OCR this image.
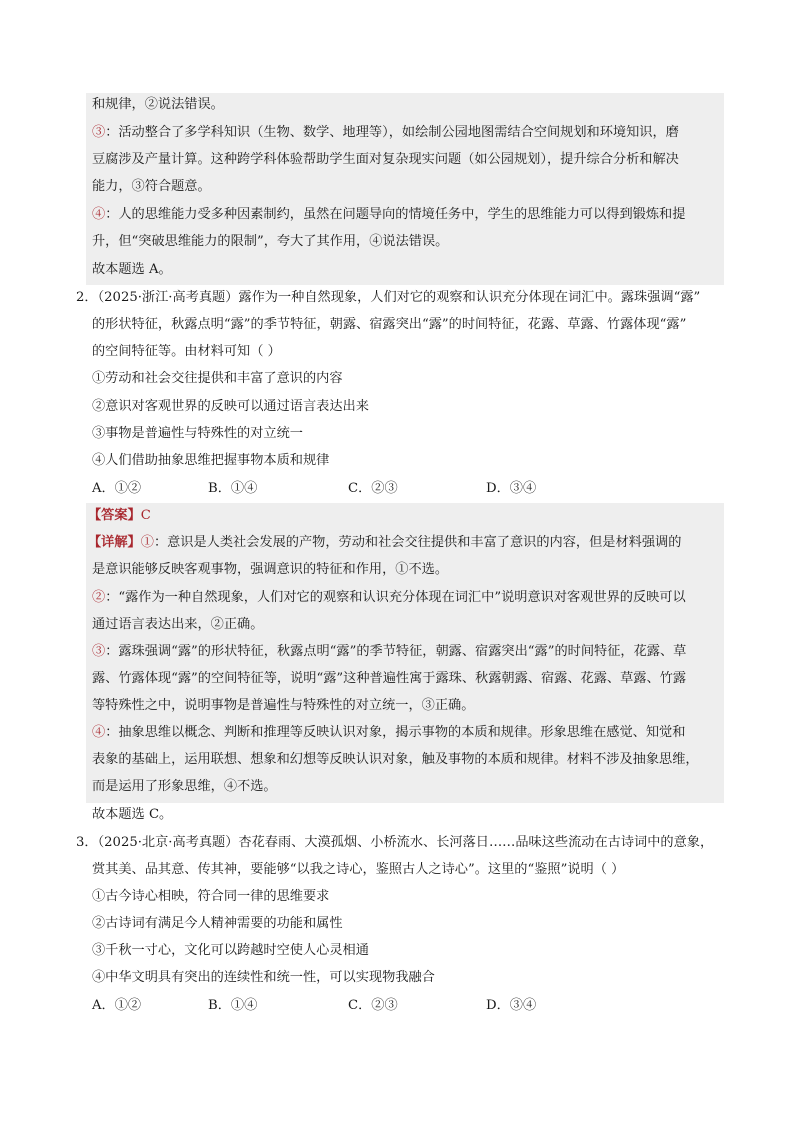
和规律，②说法错误。
③：活动整合了多学科知识（生物、数学、地理等），如绘制公园地图需结合空间规划和环境知识，磨
豆腐涉及产量计算。这种跨学科体验帮助学生面对复杂现实问题（如公园规划），提升综合分析和解决
能力，③符合题意。
④：人的思维能力受多种因素制约，虽然在问题导向的情境任务中，学生的思维能力可以得到锻炼和提
升，但“突破思维能力的限制”，夸大了其作用，④说法错误。
故本题选 A。
2．（2025·浙江·高考真题）露作为一种自然现象，人们对它的观察和认识充分体现在词汇中。露珠强调“露”
的形状特征，秋露点明“露”的季节特征，朝露、宿露突出“露”的时间特征，花露、草露、竹露体现“露”
的空间特征等。由材料可知（ ）
①劳动和社会交往提供和丰富了意识的内容
②意识对客观世界的反映可以通过语言表达出来
③事物是普遍性与特殊性的对立统一
④人们借助抽象思维把握事物本质和规律
A．①②	B．①④	C．②③	D．③④
【答案】C
【详解】①：意识是人类社会发展的产物，劳动和社会交往提供和丰富了意识的内容，但是材料强调的
是意识能够反映客观事物，强调意识的特征和作用，①不选。
②：“露作为一种自然现象，人们对它的观察和认识充分体现在词汇中”说明意识对客观世界的反映可以
通过语言表达出来，②正确。
③：露珠强调“露”的形状特征，秋露点明“露”的季节特征，朝露、宿露突出“露”的时间特征，花露、草
露、竹露体现“露”的空间特征等，说明“露”这种普遍性寓于露珠、秋露朝露、宿露、花露、草露、竹露
等特殊性之中，说明事物是普遍性与特殊性的对立统一，③正确。
④：抽象思维以概念、判断和推理等反映认识对象，揭示事物的本质和规律。形象思维在感觉、知觉和
表象的基础上，运用联想、想象和幻想等反映认识对象，触及事物的本质和规律。材料不涉及抽象思维，
而是运用了形象思维，④不选。
故本题选 C。
3．（2025·北京·高考真题）杏花春雨、大漠孤烟、小桥流水、长河落日……品味这些流动在古诗词中的意象，
赏其美、品其意、传其神，要能够“以我之诗心，鉴照古人之诗心”。这里的“鉴照”说明（ ）
①古今诗心相映，符合同一律的思维要求
②古诗词有满足今人精神需要的功能和属性
③千秋一寸心，文化可以跨越时空使人心灵相通
④中华文明具有突出的连续性和统一性，可以实现物我融合
A．①②	B．①④	C．②③	D．③④
